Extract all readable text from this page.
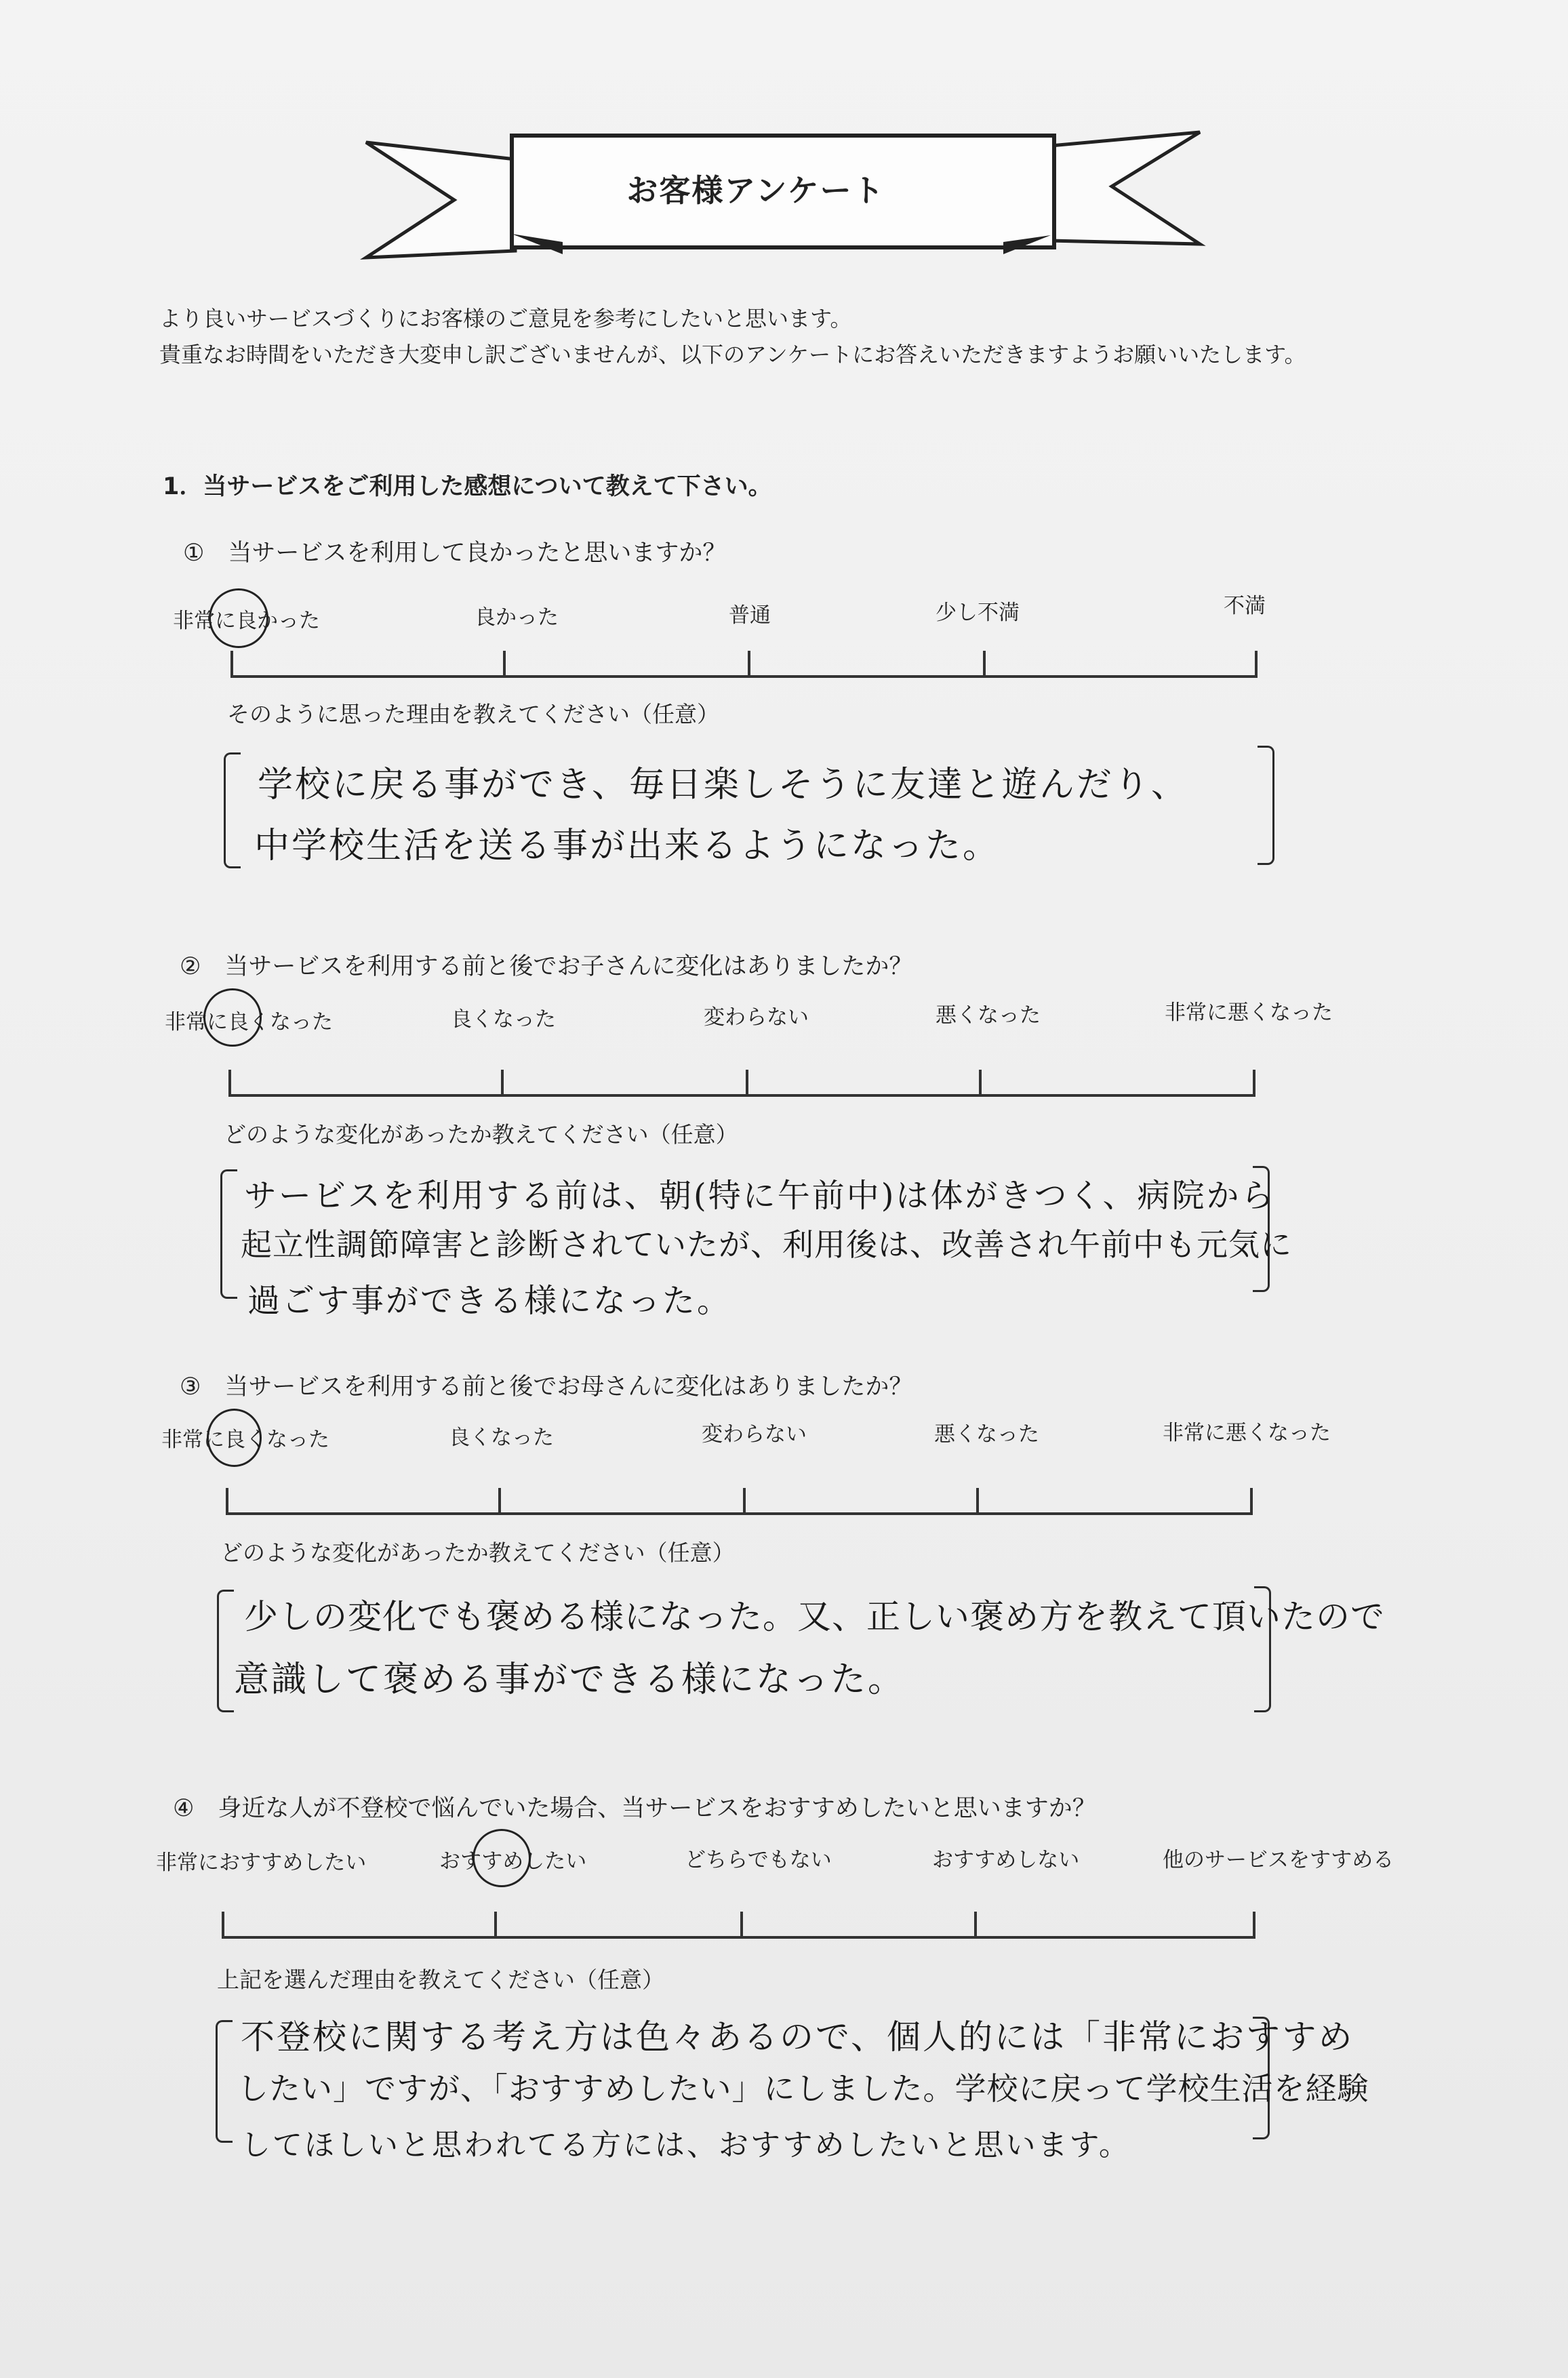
お客様アンケート
より良いサービスづくりにお客様のご意見を参考にしたいと思います。
貴重なお時間をいただき大変申し訳ございませんが、以下のアンケートにお答えいただきますようお願いいたします。
1．当サービスをご利用した感想について教えて下さい。
①　当サービスを利用して良かったと思いますか？
非常に良かった	良かった	普通	少し不満	不満
そのように思った理由を教えてください（任意）
学校に戻る事ができ、毎日楽しそうに友達と遊んだり、
中学校生活を送る事が出来るようになった。
②　当サービスを利用する前と後でお子さんに変化はありましたか？
非常に良くなった	良くなった	変わらない	悪くなった	非常に悪くなった
どのような変化があったか教えてください（任意）
サービスを利用する前は、朝(特に午前中)は体がきつく、病院から
起立性調節障害と診断されていたが、利用後は、改善され午前中も元気に
過ごす事ができる様になった。
③　当サービスを利用する前と後でお母さんに変化はありましたか？
非常に良くなった	良くなった	変わらない	悪くなった	非常に悪くなった
どのような変化があったか教えてください（任意）
少しの変化でも褒める様になった。又、正しい褒め方を教えて頂いたので
意識して褒める事ができる様になった。
④　身近な人が不登校で悩んでいた場合、当サービスをおすすめしたいと思いますか？
非常におすすめしたい	おすすめしたい	どちらでもない	おすすめしない	他のサービスをすすめる
上記を選んだ理由を教えてください（任意）
不登校に関する考え方は色々あるので、個人的には「非常におすすめ
したい」ですが、「おすすめしたい」にしました。学校に戻って学校生活を経験
してほしいと思われてる方には、おすすめしたいと思います。
